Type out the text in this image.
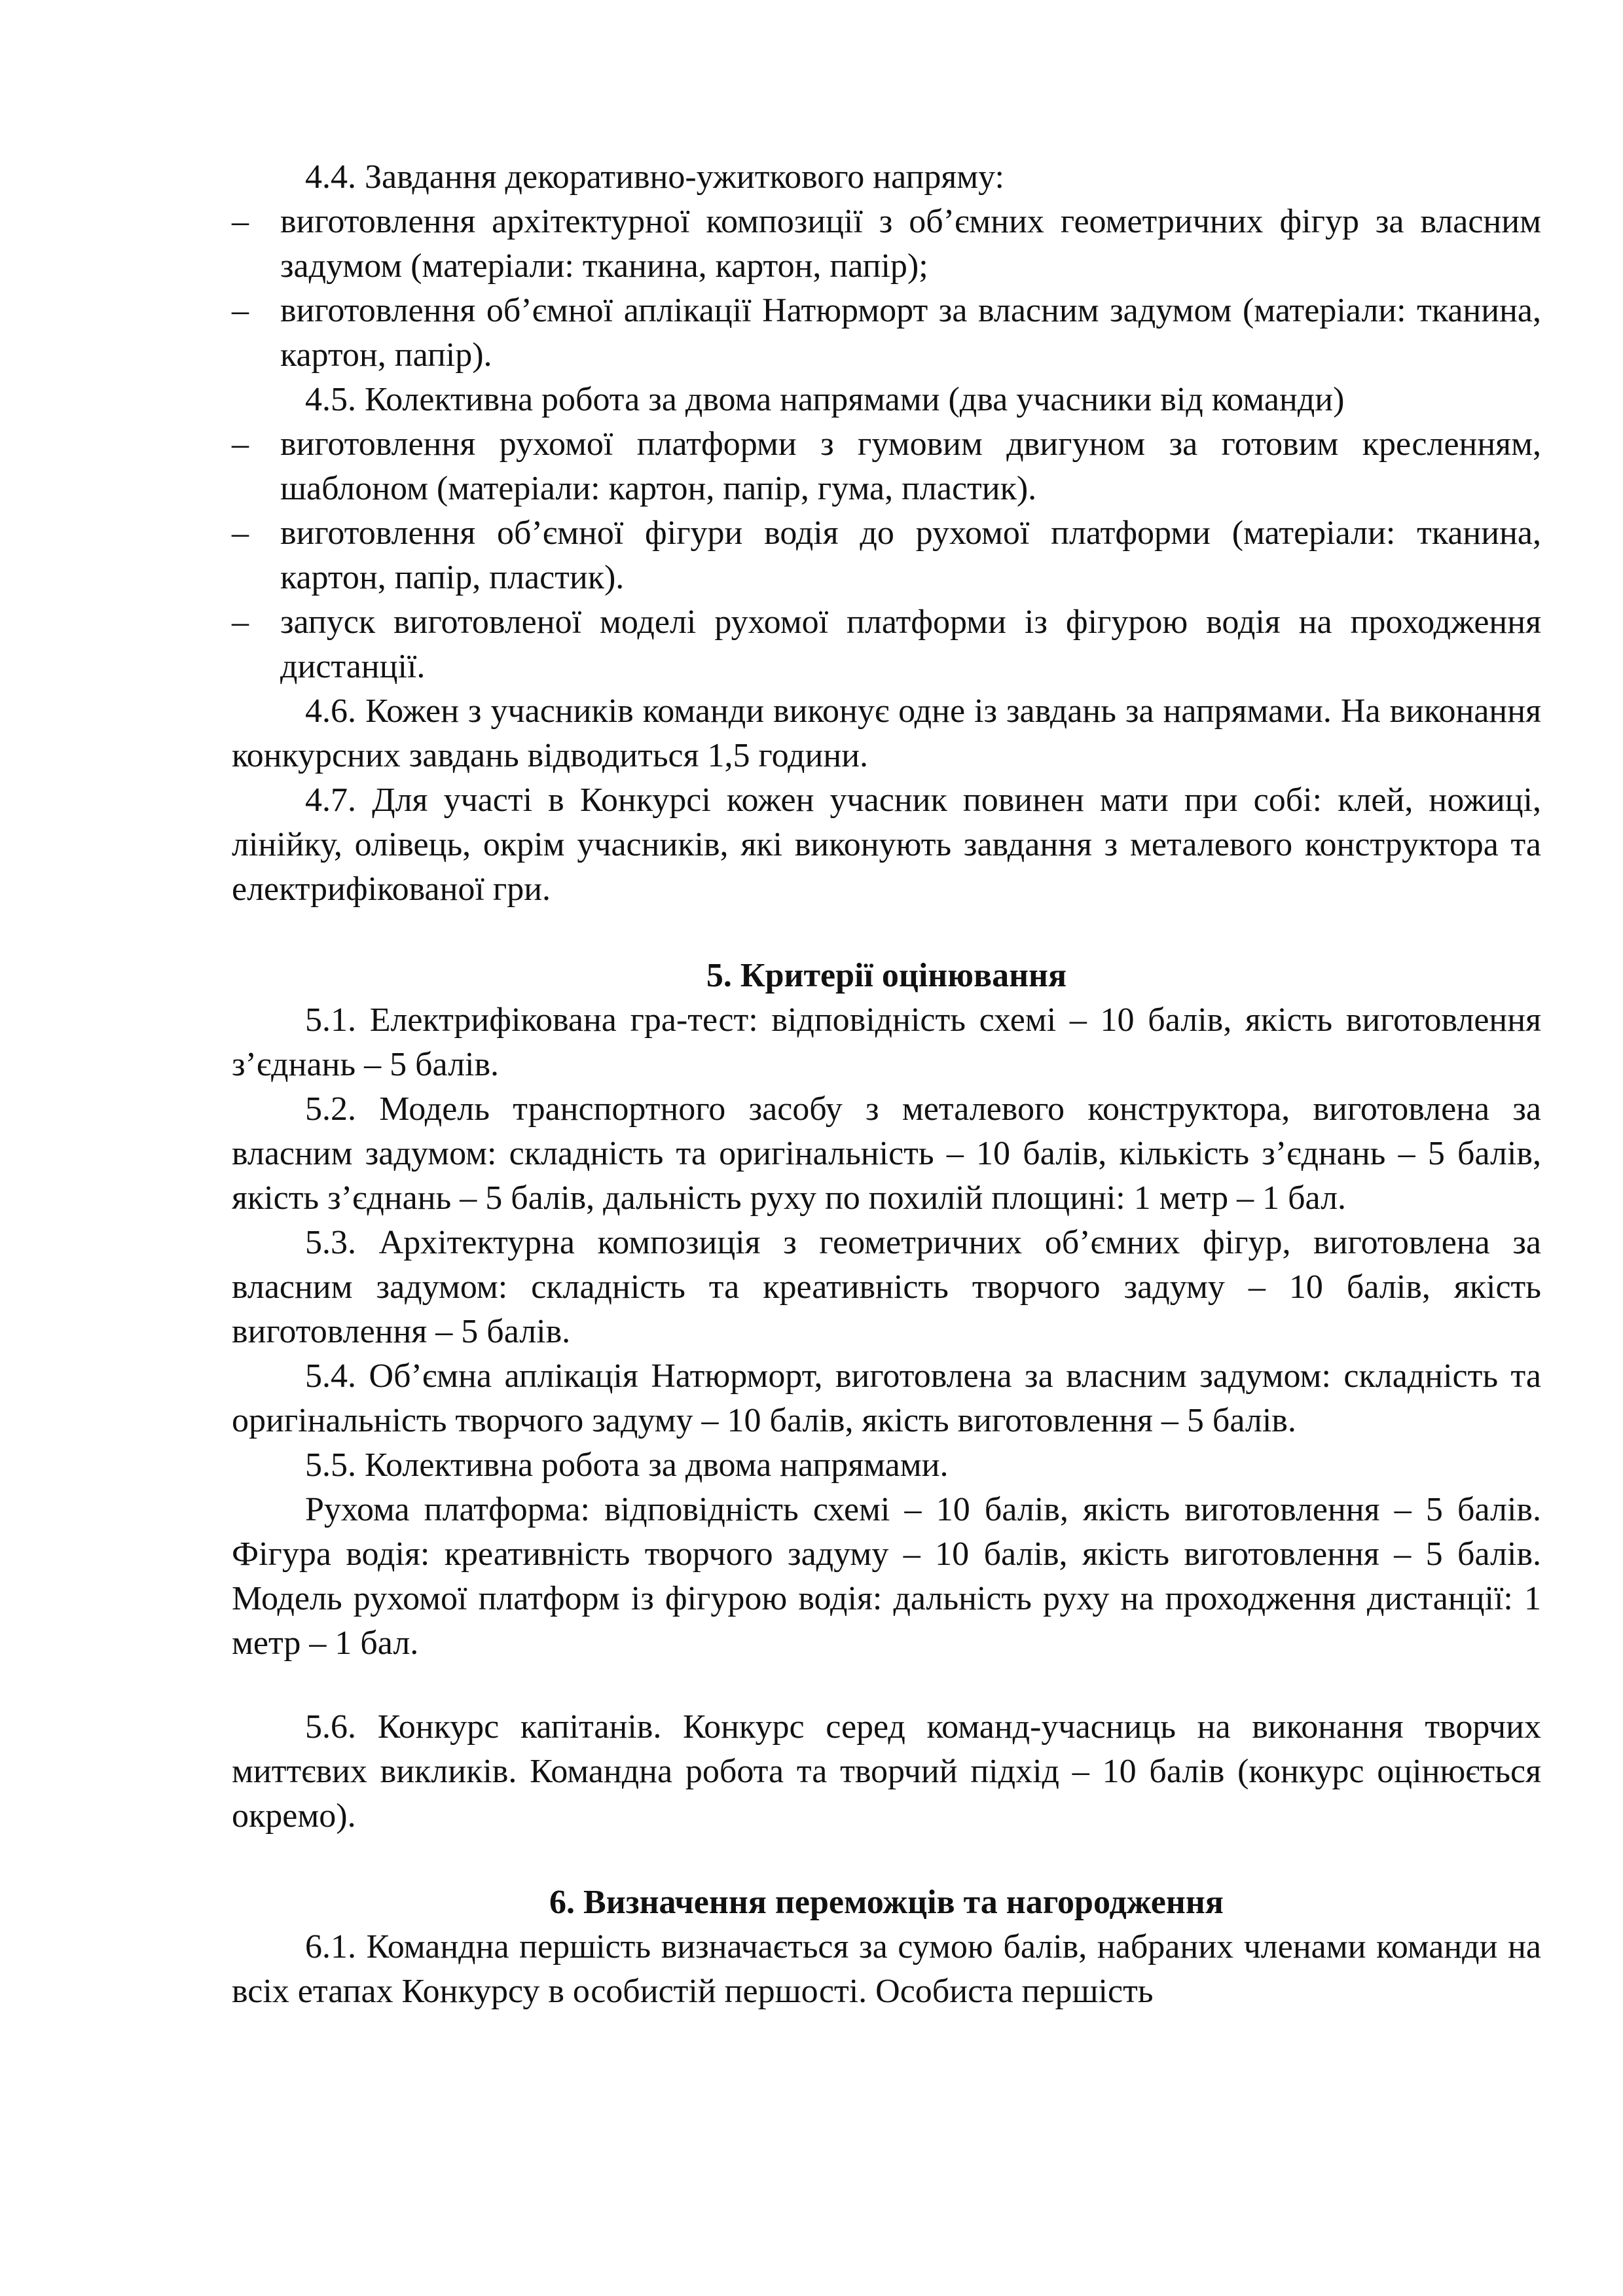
4.4. Завдання декоративно-ужиткового напряму:

– виготовлення архітектурної композиції з об’ємних геометричних фігур за власним задумом (матеріали: тканина, картон, папір);

– виготовлення об’ємної аплікації Натюрморт за власним задумом (матеріали: тканина, картон, папір).

4.5. Колективна робота за двома напрямами (два учасники від команди)

– виготовлення рухомої платформи з гумовим двигуном за готовим кресленням, шаблоном (матеріали: картон, папір, гума, пластик).

– виготовлення об’ємної фігури водія до рухомої платформи (матеріали: тканина, картон, папір, пластик).

– запуск виготовленої моделі рухомої платформи із фігурою водія на проходження дистанції.

4.6. Кожен з учасників команди виконує одне із завдань за напрямами. На виконання конкурсних завдань відводиться 1,5 години.

4.7. Для участі в Конкурсі кожен учасник повинен мати при собі: клей, ножиці, лінійку, олівець, окрім учасників, які виконують завдання з металевого конструктора та електрифікованої гри.

5. Критерії оцінювання

5.1. Електрифікована гра-тест: відповідність схемі – 10 балів, якість виготовлення з’єднань – 5 балів.

5.2. Модель транспортного засобу з металевого конструктора, виготовлена за власним задумом: складність та оригінальність – 10 балів, кількість з’єднань – 5 балів, якість з’єднань – 5 балів, дальність руху по похилій площині: 1 метр – 1 бал.

5.3. Архітектурна композиція з геометричних об’ємних фігур, виготовлена за власним задумом: складність та креативність творчого задуму – 10 балів, якість виготовлення – 5 балів.

5.4. Об’ємна аплікація Натюрморт, виготовлена за власним задумом: складність та оригінальність творчого задуму – 10 балів, якість виготовлення – 5 балів.

5.5. Колективна робота за двома напрямами.

Рухома платформа: відповідність схемі – 10 балів, якість виготовлення – 5 балів. Фігура водія: креативність творчого задуму – 10 балів, якість виготовлення – 5 балів. Модель рухомої платформ із фігурою водія: дальність руху на проходження дистанції: 1 метр – 1 бал.

5.6. Конкурс капітанів. Конкурс серед команд-учасниць на виконання творчих миттєвих викликів. Командна робота та творчий підхід – 10 балів (конкурс оцінюється окремо).

6. Визначення переможців та нагородження

6.1. Командна першість визначається за сумою балів, набраних членами команди на всіх етапах Конкурсу в особистій першості. Особиста першість
